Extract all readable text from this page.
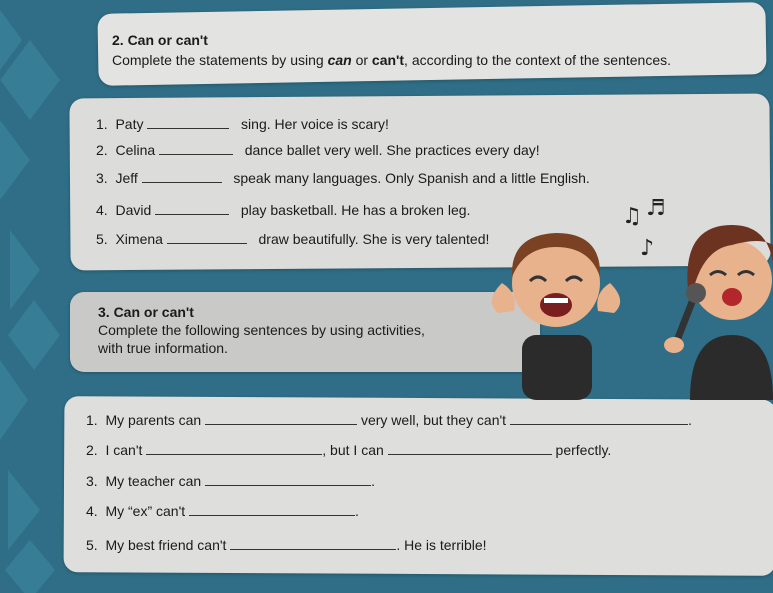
2. Can or can't
Complete the statements by using can or can't, according to the context of the sentences.
1. Paty	sing. Her voice is scary!
2. Celina	dance ballet very well. She practices every day!
3. Jeff	speak many languages. Only Spanish and a little English.
4. David	play basketball. He has a broken leg.
5. Ximena	draw beautifully. She is very talented!
3. Can or can't
Complete the following sentences by using activities,
with true information.
1. My parents can	very well, but they can't	.
2. I can't	, but I can	perfectly.
3. My teacher can	.
4. My “ex” can't	.
5. My best friend can't	. He is terrible!
♫ ♬
♪
